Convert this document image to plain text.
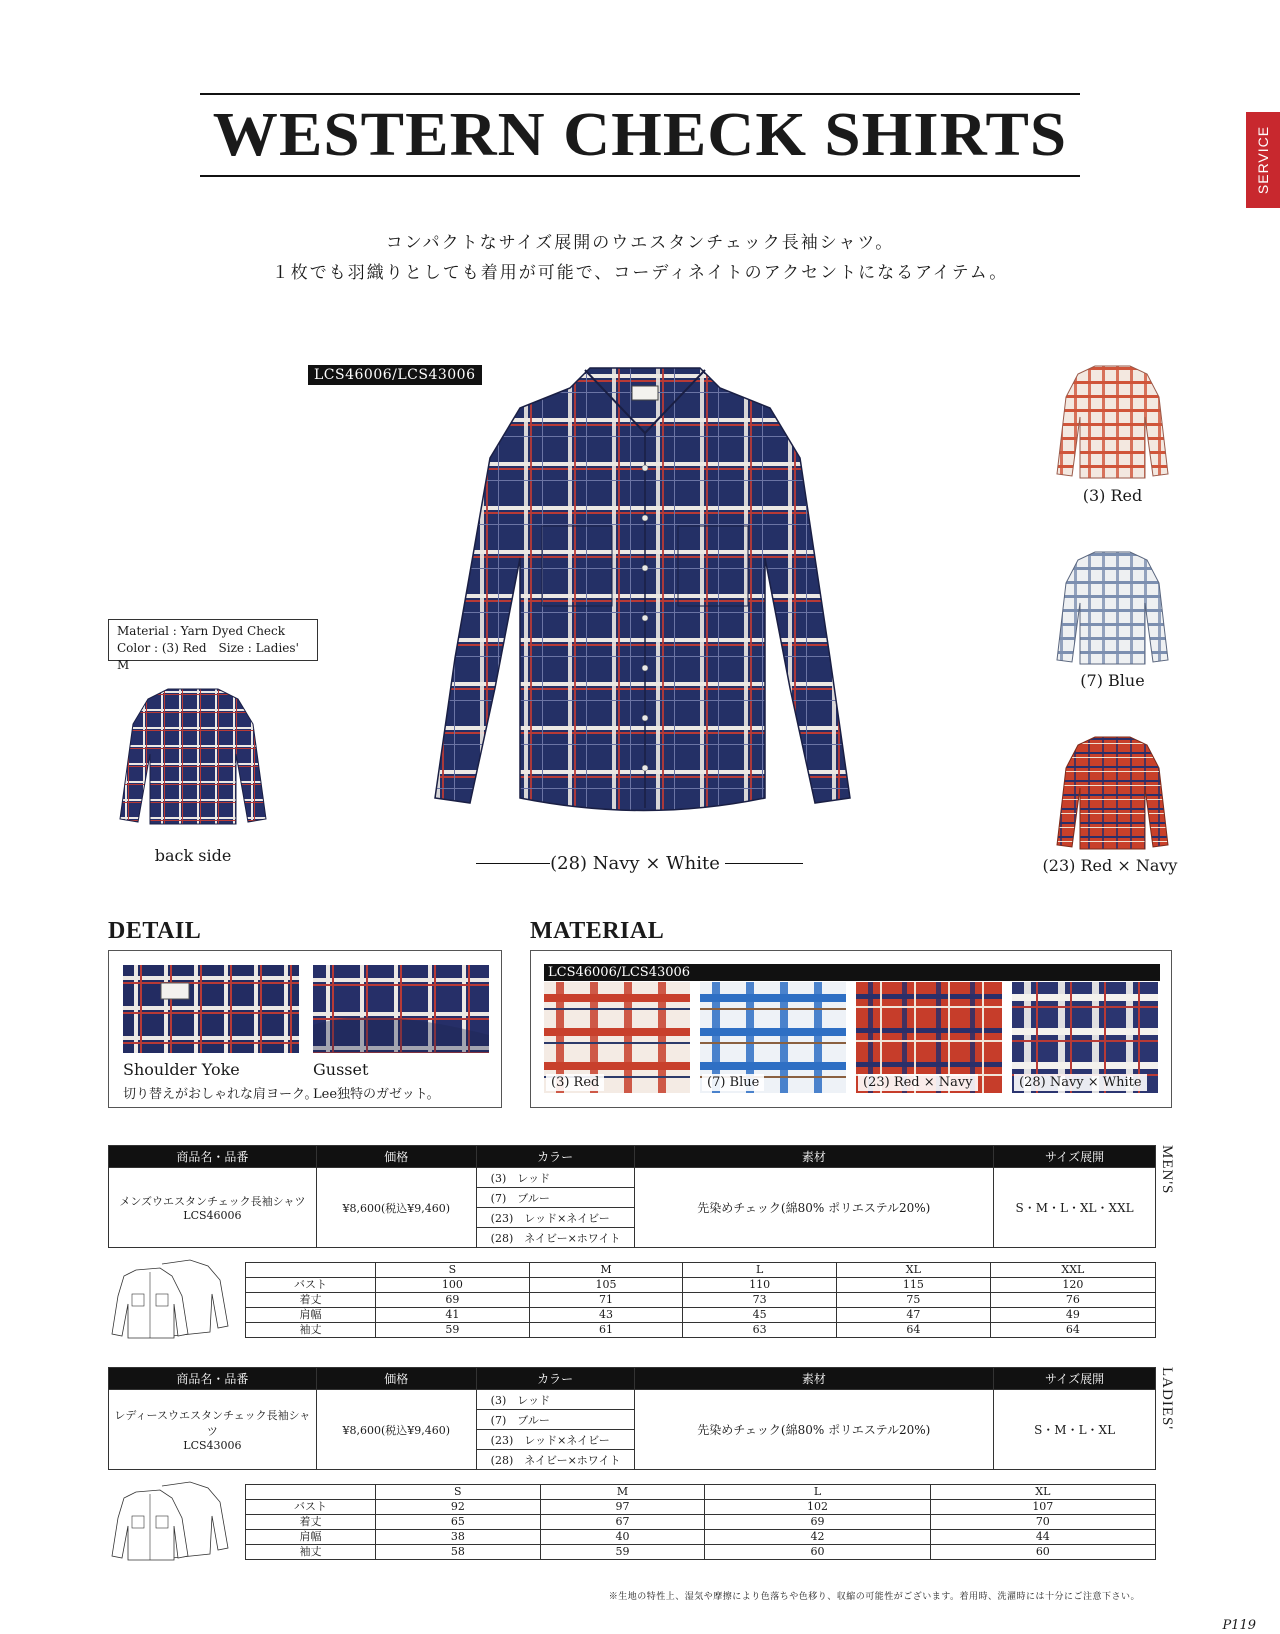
WESTERN CHECK SHIRTS	SERVICE
コンパクトなサイズ展開のウエスタンチェック長袖シャツ。
１枚でも羽織りとしても着用が可能で、コーディネイトのアクセントになるアイテム。
LCS46006/LCS43006
(28) Navy × White
Material : Yarn Dyed Check
Color : (3) Red　Size : Ladies' M
back side
(3) Red
(7) Blue
(23) Red × Navy
DETAIL
Shoulder Yoke
切り替えがおしゃれな肩ヨーク。
Gusset
Lee独特のガゼット。
MATERIAL
LCS46006/LCS43006
(3) Red	(7) Blue	(23) Red × Navy	(28) Navy × White
商品名・品番	価格	カラー	素材	サイズ展開

メンズウエスタンチェック長袖シャツ
LCS46006	¥8,600(税込¥9,460)	(3)　レッド	先染めチェック(綿80% ポリエステル20%)	S・M・L・XL・XXL
		(7)　ブルー		
		(23)　レッド×ネイビー		
		(28)　ネイビー×ホワイト		
MEN'S
	S	M	L	XL	XXL
バスト	100	105	110	115	120
着丈	69	71	73	75	76
肩幅	41	43	45	47	49
袖丈	59	61	63	64	64
商品名・品番	価格	カラー	素材	サイズ展開

レディースウエスタンチェック長袖シャツ
LCS43006	¥8,600(税込¥9,460)	(3)　レッド	先染めチェック(綿80% ポリエステル20%)	S・M・L・XL
		(7)　ブルー		
		(23)　レッド×ネイビー		
		(28)　ネイビー×ホワイト		
LADIES'
	S	M	L	XL
バスト	92	97	102	107
着丈	65	67	69	70
肩幅	38	40	42	44
袖丈	58	59	60	60
※生地の特性上、湿気や摩擦により色落ちや色移り、収縮の可能性がございます。着用時、洗濯時には十分にご注意下さい。
P119
